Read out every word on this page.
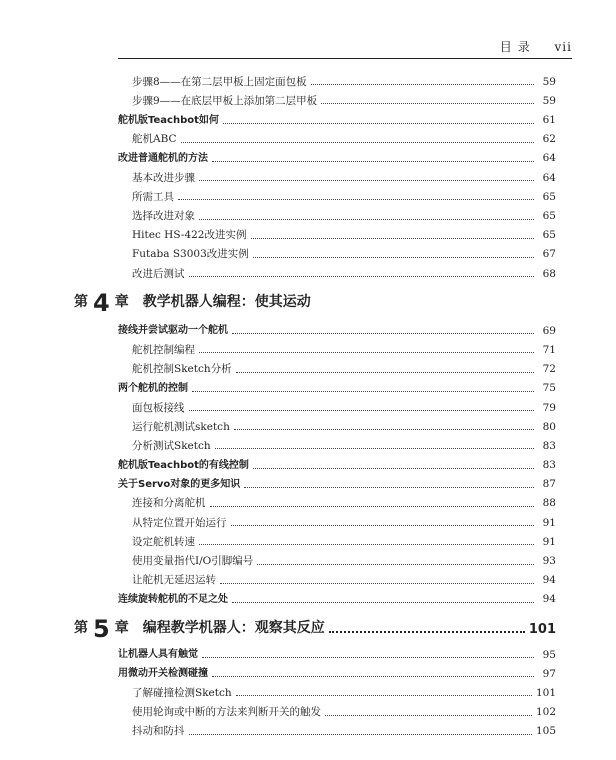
目录 vii
步骤8——在第二层甲板上固定面包板	59
步骤9——在底层甲板上添加第二层甲板	59
舵机版Teachbot如何	61
舵机ABC	62
改进普通舵机的方法	64
基本改进步骤	64
所需工具	65
选择改进对象	65
Hitec HS-422改进实例	65
Futaba S3003改进实例	67
改进后测试	68
第 4 章 教学机器人编程：使其运动
接线并尝试驱动一个舵机	69
舵机控制编程	71
舵机控制Sketch分析	72
两个舵机的控制	75
面包板接线	79
运行舵机测试sketch	80
分析测试Sketch	83
舵机版Teachbot的有线控制	83
关于Servo对象的更多知识	87
连接和分离舵机	88
从特定位置开始运行	91
设定舵机转速	91
使用变量指代I/O引脚编号	93
让舵机无延迟运转	94
连续旋转舵机的不足之处	94
第 5 章 编程教学机器人：观察其反应	101
让机器人具有触觉	95
用微动开关检测碰撞	97
了解碰撞检测Sketch	101
使用轮询或中断的方法来判断开关的触发	102
抖动和防抖	105
